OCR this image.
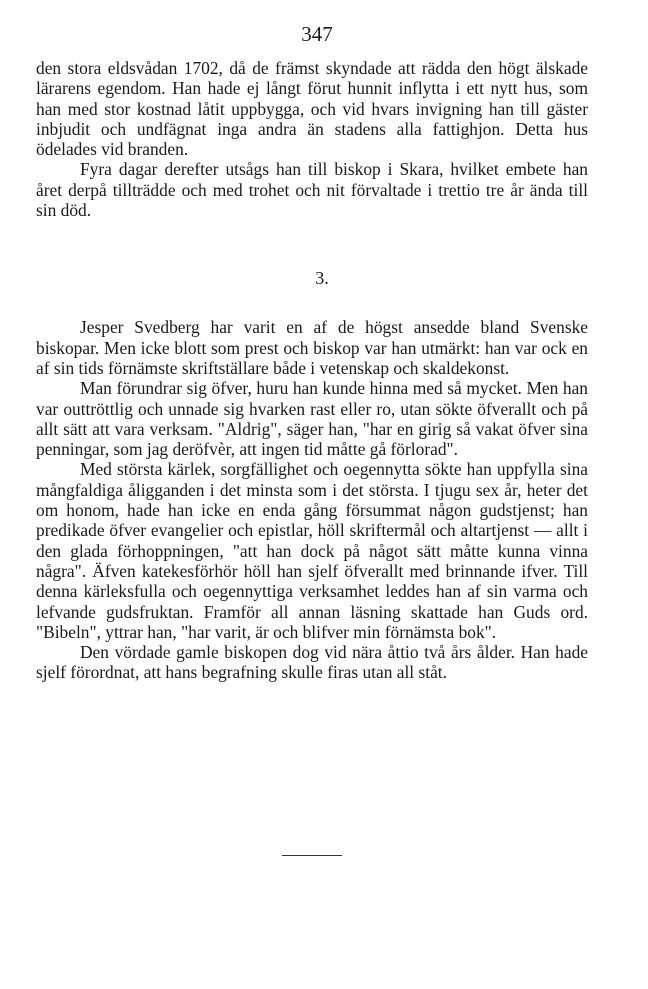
347

den stora eldsvådan 1702, då de främst skyndade att rädda den högt älskade lärarens egendom. Han hade ej långt förut hunnit inflytta i ett nytt hus, som han med stor kostnad låtit uppbygga, och vid hvars invigning han till gäster inbjudit och undfägnat inga andra än stadens alla fattighjon. Detta hus ödelades vid branden.

Fyra dagar derefter utsågs han till biskop i Skara, hvilket embete han året derpå tillträdde och med trohet och nit förvaltade i trettio tre år ända till sin död.

3.

Jesper Svedberg har varit en af de högst ansedde bland Svenske biskopar. Men icke blott som prest och biskop var han utmärkt: han var ock en af sin tids förnämste skriftställare både i vetenskap och skaldekonst.

Man förundrar sig öfver, huru han kunde hinna med så mycket. Men han var outtröttlig och unnade sig hvarken rast eller ro, utan sökte öfverallt och på allt sätt att vara verksam. "Aldrig", säger han, "har en girig så vakat öfver sina penningar, som jag deröfvèr, att ingen tid måtte gå förlorad".

Med största kärlek, sorgfällighet och oegennytta sökte han uppfylla sina mångfaldiga åligganden i det minsta som i det största. I tjugu sex år, heter det om honom, hade han icke en enda gång försummat någon gudstjenst; han predikade öfver evangelier och epistlar, höll skriftermål och altartjenst — allt i den glada förhoppningen, "att han dock på något sätt måtte kunna vinna några". Äfven katekesförhör höll han sjelf öfverallt med brinnande ifver. Till denna kärleksfulla och oegennyttiga verksamhet leddes han af sin varma och lefvande gudsfruktan. Framför all annan läsning skattade han Guds ord. "Bibeln", yttrar han, "har varit, är och blifver min förnämsta bok".

Den vördade gamle biskopen dog vid nära åttio två års ålder. Han hade sjelf förordnat, att hans begrafning skulle firas utan all ståt.
